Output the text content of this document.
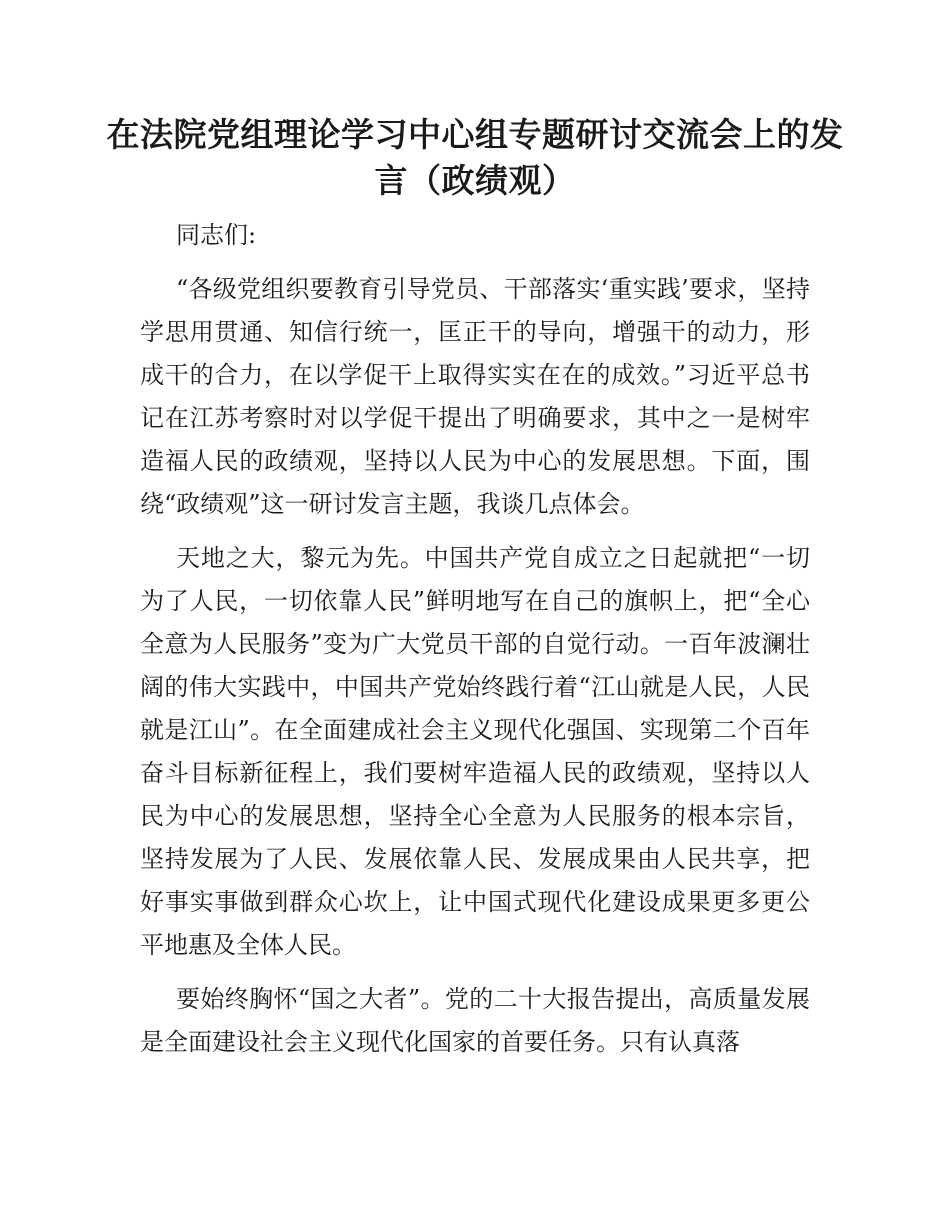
在法院党组理论学习中心组专题研讨交流会上的发言（政绩观）

同志们:

“各级党组织要教育引导党员、干部落实‘重实践’要求，坚持学思用贯通、知信行统一，匡正干的导向，增强干的动力，形成干的合力，在以学促干上取得实实在在的成效。”习近平总书记在江苏考察时对以学促干提出了明确要求，其中之一是树牢造福人民的政绩观，坚持以人民为中心的发展思想。下面，围绕“政绩观”这一研讨发言主题，我谈几点体会。

天地之大，黎元为先。中国共产党自成立之日起就把“一切为了人民，一切依靠人民”鲜明地写在自己的旗帜上，把“全心全意为人民服务”变为广大党员干部的自觉行动。一百年波澜壮阔的伟大实践中，中国共产党始终践行着“江山就是人民，人民就是江山”。在全面建成社会主义现代化强国、实现第二个百年奋斗目标新征程上，我们要树牢造福人民的政绩观，坚持以人民为中心的发展思想，坚持全心全意为人民服务的根本宗旨，坚持发展为了人民、发展依靠人民、发展成果由人民共享，把好事实事做到群众心坎上，让中国式现代化建设成果更多更公平地惠及全体人民。

要始终胸怀“国之大者”。党的二十大报告提出，高质量发展是全面建设社会主义现代化国家的首要任务。只有认真落
